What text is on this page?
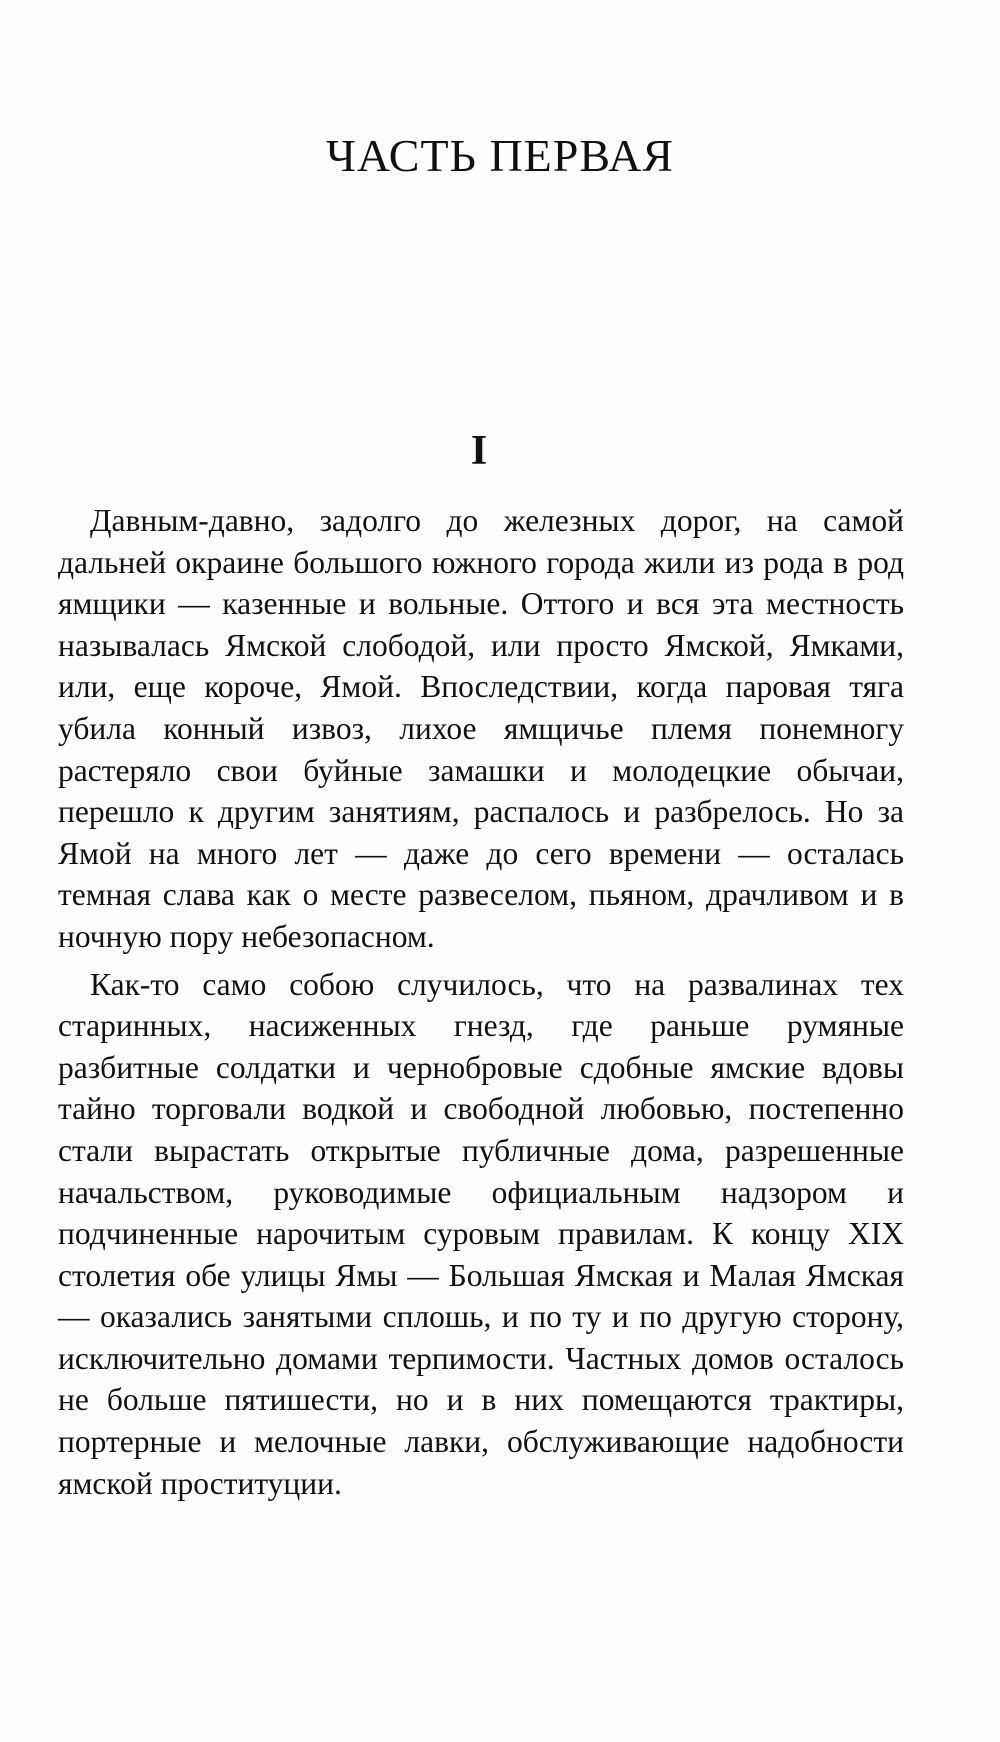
ЧАСТЬ ПЕРВАЯ
I

Давным-давно, задолго до железных дорог, на самой дальней окраине большого южного города жили из рода в род ямщики — казенные и вольные. Оттого и вся эта местность называлась Ямской слободой, или просто Ямской, Ямками, или, еще короче, Ямой. Впоследствии, когда паровая тяга убила конный извоз, лихое ямщичье племя понемногу растеряло свои буйные замашки и молодецкие обычаи, перешло к другим занятиям, распалось и разбрелось. Но за Ямой на много лет — даже до сего времени — осталась темная слава как о месте развеселом, пьяном, драчливом и в ночную пору небезопасном.

Как-то само собою случилось, что на развалинах тех старинных, насиженных гнезд, где раньше румяные разбитные солдатки и чернобровые сдобные ямские вдовы тайно торговали водкой и свободной любовью, постепенно стали вырастать открытые публичные дома, разрешенные начальством, руководимые официальным надзором и подчиненные нарочитым суровым правилам. К концу XIX столетия обе улицы Ямы — Большая Ямская и Малая Ямская — оказались занятыми сплошь, и по ту и по другую сторону, исключительно домами терпимости. Частных домов осталось не больше пятишести, но и в них помещаются трактиры, портерные и мелочные лавки, обслуживающие надобности ямской проституции.
